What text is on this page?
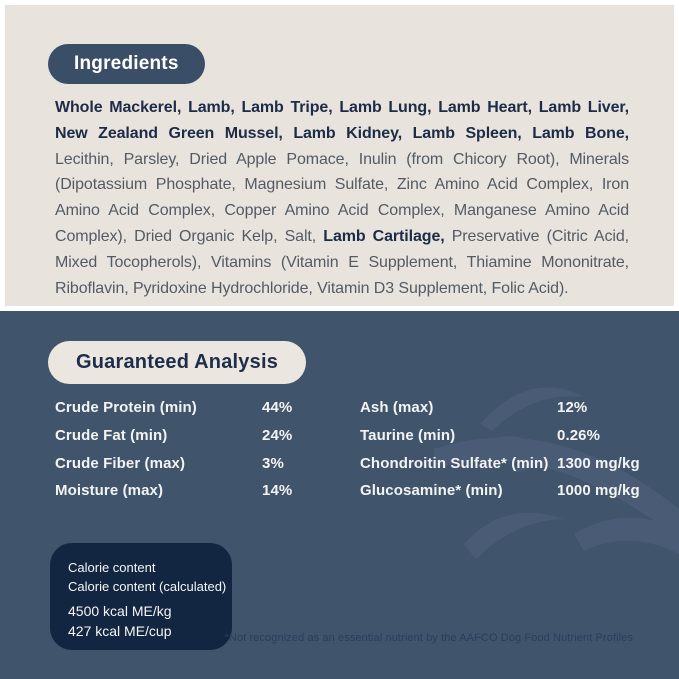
Ingredients

Whole Mackerel, Lamb, Lamb Tripe, Lamb Lung, Lamb Heart, Lamb Liver, New Zealand Green Mussel, Lamb Kidney, Lamb Spleen, Lamb Bone, Lecithin, Parsley, Dried Apple Pomace, Inulin (from Chicory Root), Minerals (Dipotassium Phosphate, Magnesium Sulfate, Zinc Amino Acid Complex, Iron Amino Acid Complex, Copper Amino Acid Complex, Manganese Amino Acid Complex), Dried Organic Kelp, Salt, Lamb Cartilage, Preservative (Citric Acid, Mixed Tocopherols), Vitamins (Vitamin E Supplement, Thiamine Mononitrate, Riboflavin, Pyridoxine Hydrochloride, Vitamin D3 Supplement, Folic Acid).

Guaranteed Analysis
Crude Protein (min)	44%	Ash (max)	12%
Crude Fat (min)	24%	Taurine (min)	0.26%
Crude Fiber (max)	3%	Chondroitin Sulfate* (min) 1300 mg/kg
Moisture (max)	14%	Glucosamine* (min)	1000 mg/kg
Calorie content
Calorie content (calculated)
4500 kcal ME/kg
427 kcal ME/cup	*Not recognized as an essential nutrient by the AAFCO Dog Food Nutrient Profiles
